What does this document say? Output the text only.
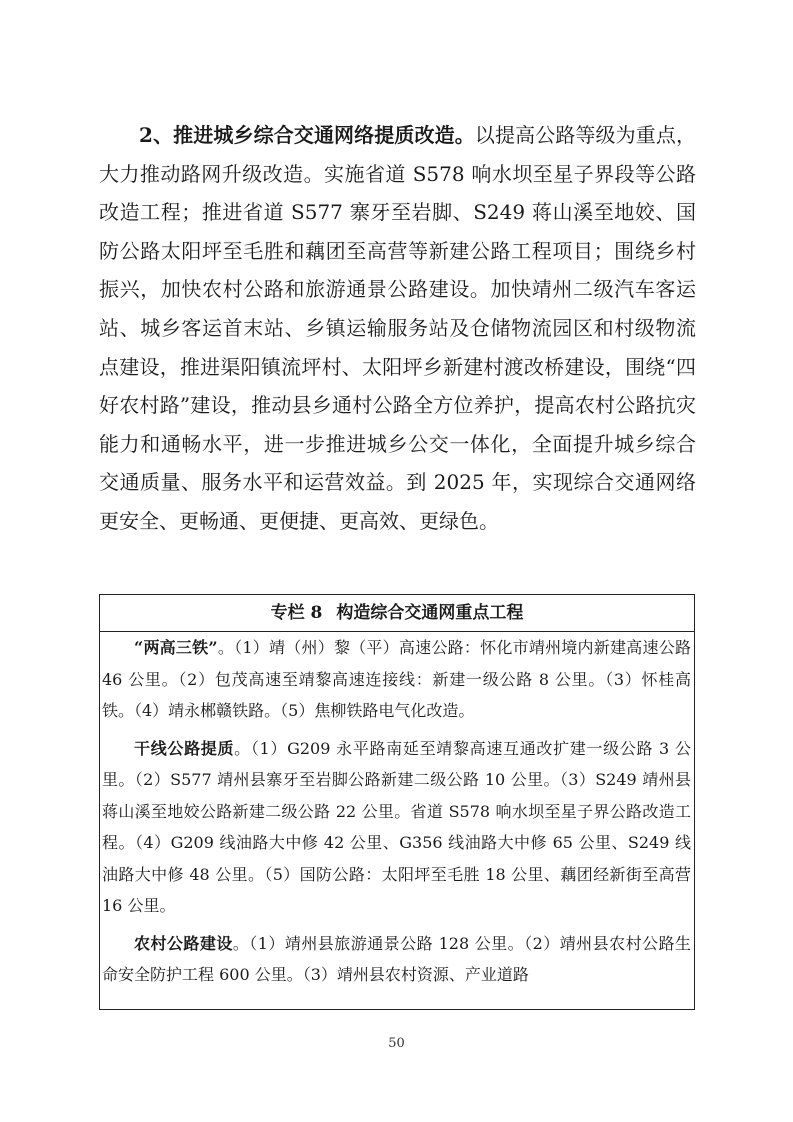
2、推进城乡综合交通网络提质改造。以提高公路等级为重点，大力推动路网升级改造。实施省道 S578 响水坝至星子界段等公路改造工程；推进省道 S577 寨牙至岩脚、S249 蒋山溪至地姣、国防公路太阳坪至毛胜和藕团至高营等新建公路工程项目；围绕乡村振兴，加快农村公路和旅游通景公路建设。加快靖州二级汽车客运站、城乡客运首末站、乡镇运输服务站及仓储物流园区和村级物流点建设，推进渠阳镇流坪村、太阳坪乡新建村渡改桥建设，围绕“四好农村路”建设，推动县乡通村公路全方位养护，提高农村公路抗灾能力和通畅水平，进一步推进城乡公交一体化，全面提升城乡综合交通质量、服务水平和运营效益。到 2025 年，实现综合交通网络更安全、更畅通、更便捷、更高效、更绿色。

专栏 8 构造综合交通网重点工程

“两高三铁”。（1）靖（州）黎（平）高速公路：怀化市靖州境内新建高速公路 46 公里。（2）包茂高速至靖黎高速连接线：新建一级公路 8 公里。（3）怀桂高铁。（4）靖永郴赣铁路。（5）焦柳铁路电气化改造。

干线公路提质。（1）G209 永平路南延至靖黎高速互通改扩建一级公路 3 公里。（2）S577 靖州县寨牙至岩脚公路新建二级公路 10 公里。（3）S249 靖州县蒋山溪至地姣公路新建二级公路 22 公里。省道 S578 响水坝至星子界公路改造工程。（4）G209 线油路大中修 42 公里、G356 线油路大中修 65 公里、S249 线油路大中修 48 公里。（5）国防公路：太阳坪至毛胜 18 公里、藕团经新街至高营 16 公里。

农村公路建设。（1）靖州县旅游通景公路 128 公里。（2）靖州县农村公路生命安全防护工程 600 公里。（3）靖州县农村资源、产业道路

50
